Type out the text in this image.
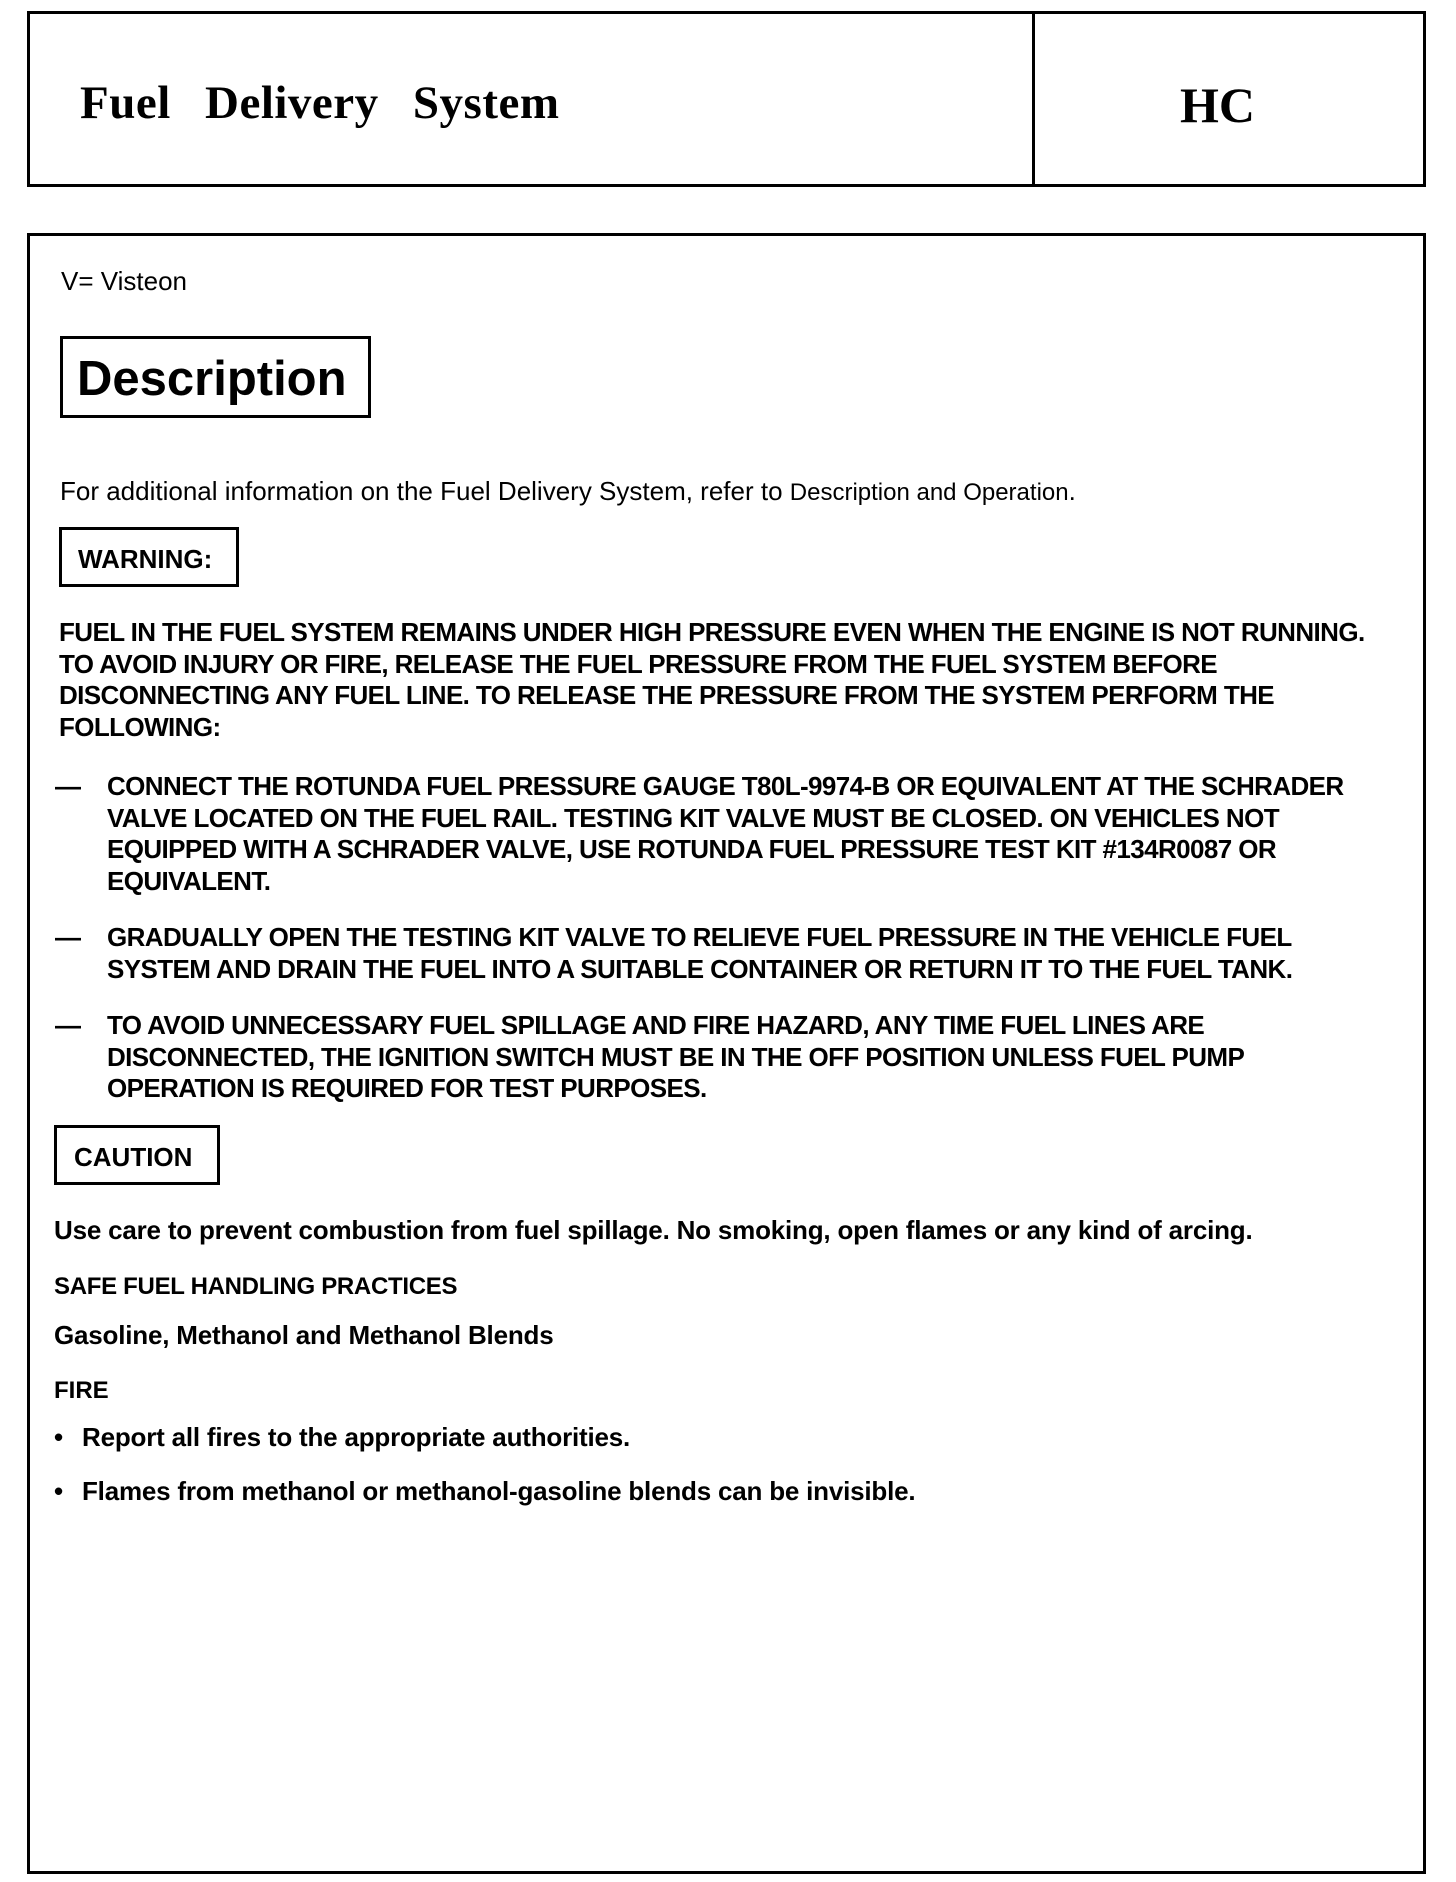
Fuel Delivery System	HC
V= Visteon
Description
For additional information on the Fuel Delivery System, refer to Description and Operation.
WARNING:
FUEL IN THE FUEL SYSTEM REMAINS UNDER HIGH PRESSURE EVEN WHEN THE ENGINE IS NOT RUNNING. TO AVOID INJURY OR FIRE, RELEASE THE FUEL PRESSURE FROM THE FUEL SYSTEM BEFORE DISCONNECTING ANY FUEL LINE. TO RELEASE THE PRESSURE FROM THE SYSTEM PERFORM THE FOLLOWING:
— CONNECT THE ROTUNDA FUEL PRESSURE GAUGE T80L-9974-B OR EQUIVALENT AT THE SCHRADER VALVE LOCATED ON THE FUEL RAIL. TESTING KIT VALVE MUST BE CLOSED. ON VEHICLES NOT EQUIPPED WITH A SCHRADER VALVE, USE ROTUNDA FUEL PRESSURE TEST KIT #134R0087 OR EQUIVALENT.
— GRADUALLY OPEN THE TESTING KIT VALVE TO RELIEVE FUEL PRESSURE IN THE VEHICLE FUEL SYSTEM AND DRAIN THE FUEL INTO A SUITABLE CONTAINER OR RETURN IT TO THE FUEL TANK.
— TO AVOID UNNECESSARY FUEL SPILLAGE AND FIRE HAZARD, ANY TIME FUEL LINES ARE DISCONNECTED, THE IGNITION SWITCH MUST BE IN THE OFF POSITION UNLESS FUEL PUMP OPERATION IS REQUIRED FOR TEST PURPOSES.
CAUTION
Use care to prevent combustion from fuel spillage. No smoking, open flames or any kind of arcing.
SAFE FUEL HANDLING PRACTICES
Gasoline, Methanol and Methanol Blends
FIRE
• Report all fires to the appropriate authorities.
• Flames from methanol or methanol-gasoline blends can be invisible.
